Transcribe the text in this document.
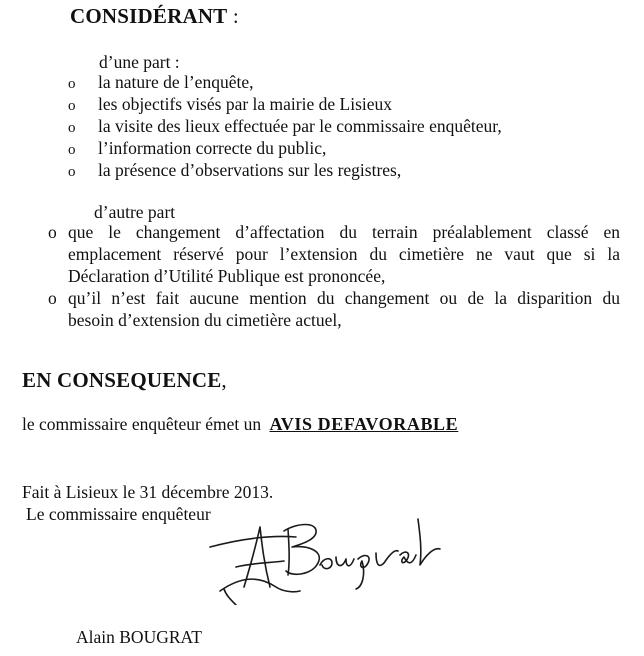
CONSIDÉRANT :
d’une part :
o la nature de l’enquête,
o les objectifs visés par la mairie de Lisieux
o la visite des lieux effectuée par le commissaire enquêteur,
o l’information correcte du public,
o la présence d’observations sur les registres,
d’autre part
o que le changement d’affectation du terrain préalablement classé en
emplacement réservé pour l’extension du cimetière ne vaut que si la
Déclaration d’Utilité Publique est prononcée,
o qu’il n’est fait aucune mention du changement ou de la disparition du
besoin d’extension du cimetière actuel,
EN CONSEQUENCE,
le commissaire enquêteur émet un AVIS DEFAVORABLE
Fait à Lisieux le 31 décembre 2013.
Le commissaire enquêteur
Alain BOUGRAT
